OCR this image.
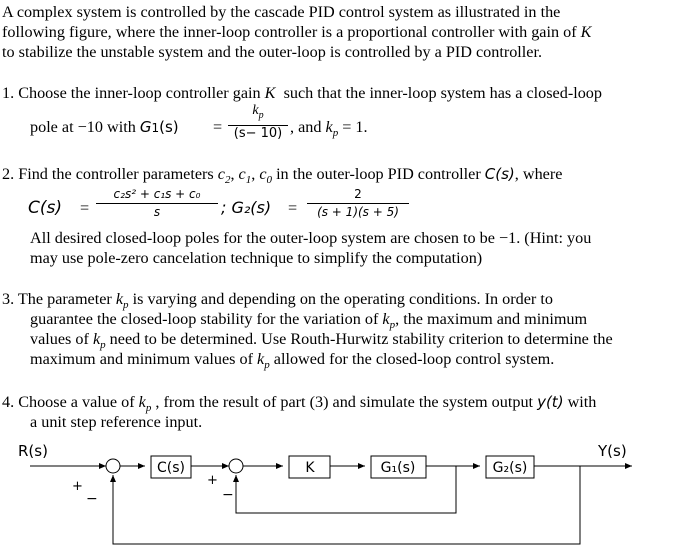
A complex system is controlled by the cascade PID control system as illustrated in the
following figure, where the inner-loop controller is a proportional controller with gain of K
to stabilize the unstable system and the outer-loop is controlled by a PID controller.
1. Choose the inner-loop controller gain K such that the inner-loop system has a closed-loop
pole at −10 with G1(s) =
$k_p$
(s− 10) , and $k_p = 1$.
2. Find the controller parameters $c_2$, $c_1$, $c_0$ in the outer-loop PID controller C(s), where
C(s) =
c₂s² + c₁s + c₀
s	; G₂(s) =
2
(s + 1)(s + 5)
All desired closed-loop poles for the outer-loop system are chosen to be −1. (Hint: you
may use pole-zero cancelation technique to simplify the computation)
3. The parameter $k_p$ is varying and depending on the operating conditions. In order to
guarantee the closed-loop stability for the variation of $k_p$, the maximum and minimum
values of $k_p$ need to be determined. Use Routh-Hurwitz stability criterion to determine the
maximum and minimum values of $k_p$ allowed for the closed-loop control system.
4. Choose a value of $k_p$ , from the result of part (3) and simulate the system output y(t) with
a unit step reference input.
R(s)	Y(s)
+
−
C(s)
+
−
K	G₁(s)	G₂(s)
